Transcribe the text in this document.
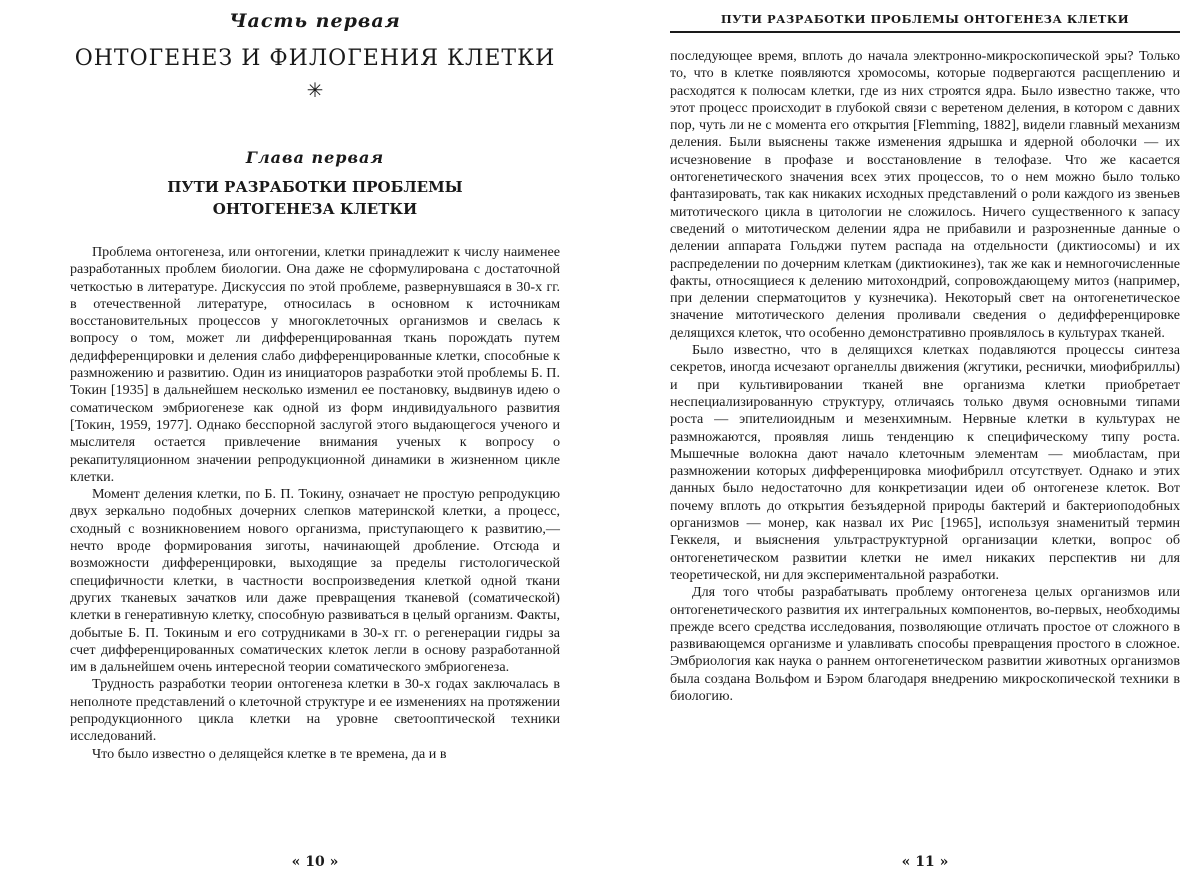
Часть первая
ОНТОГЕНЕЗ И ФИЛОГЕНИЯ КЛЕТКИ
✳
Глава первая
ПУТИ РАЗРАБОТКИ ПРОБЛЕМЫ
ОНТОГЕНЕЗА КЛЕТКИ

Проблема онтогенеза, или онтогении, клетки принадлежит к числу наименее разработанных проблем биологии. Она даже не сформулирована с достаточной четкостью в литературе. Дискуссия по этой проблеме, развернувшаяся в 30-х гг. в отечественной литературе, относилась в основном к источникам восстановительных процессов у многоклеточных организмов и свелась к вопросу о том, может ли дифференцированная ткань порождать путем дедифференцировки и деления слабо дифференцированные клетки, способные к размножению и развитию. Один из инициаторов разработки этой проблемы Б. П. Токин [1935] в дальнейшем несколько изменил ее постановку, выдвинув идею о соматическом эмбриогенезе как одной из форм индивидуального развития [Токин, 1959, 1977]. Однако бесспорной заслугой этого выдающегося ученого и мыслителя остается привлечение внимания ученых к вопросу о рекапитуляционном значении репродукционной динамики в жизненном цикле клетки.

Момент деления клетки, по Б. П. Токину, означает не простую репродукцию двух зеркально подобных дочерних слепков материнской клетки, а процесс, сходный с возникновением нового организма, приступающего к развитию,— нечто вроде формирования зиготы, начинающей дробление. Отсюда и возможности дифференцировки, выходящие за пределы гистологической специфичности клетки, в частности воспроизведения клеткой одной ткани других тканевых зачатков или даже превращения тканевой (соматической) клетки в генеративную клетку, способную развиваться в целый организм. Факты, добытые Б. П. Токиным и его сотрудниками в 30-х гг. о регенерации гидры за счет дифференцированных соматических клеток легли в основу разработанной им в дальнейшем очень интересной теории соматического эмбриогенеза.

Трудность разработки теории онтогенеза клетки в 30-х годах заключалась в неполноте представлений о клеточной структуре и ее изменениях на протяжении репродукционного цикла клетки на уровне светооптической техники исследований.

Что было известно о делящейся клетке в те времена, да и в

« 10 »
ПУТИ РАЗРАБОТКИ ПРОБЛЕМЫ ОНТОГЕНЕЗА КЛЕТКИ

последующее время, вплоть до начала электронно-микроскопической эры? Только то, что в клетке появляются хромосомы, которые подвергаются расщеплению и расходятся к полюсам клетки, где из них строятся ядра. Было известно также, что этот процесс происходит в глубокой связи с веретеном деления, в котором с давних пор, чуть ли не с момента его открытия [Flemming, 1882], видели главный механизм деления. Были выяснены также изменения ядрышка и ядерной оболочки — их исчезновение в профазе и восстановление в телофазе. Что же касается онтогенетического значения всех этих процессов, то о нем можно было только фантазировать, так как никаких исходных представлений о роли каждого из звеньев митотического цикла в цитологии не сложилось. Ничего существенного к запасу сведений о митотическом делении ядра не прибавили и разрозненные данные о делении аппарата Гольджи путем распада на отдельности (диктиосомы) и их распределении по дочерним клеткам (диктиокинез), так же как и немногочисленные факты, относящиеся к делению митохондрий, сопровождающему митоз (например, при делении сперматоцитов у кузнечика). Некоторый свет на онтогенетическое значение митотического деления проливали сведения о дедифференцировке делящихся клеток, что особенно демонстративно проявлялось в культурах тканей.

Было известно, что в делящихся клетках подавляются процессы синтеза секретов, иногда исчезают органеллы движения (жгутики, реснички, миофибриллы) и при культивировании тканей вне организма клетки приобретает неспециализированную структуру, отличаясь только двумя основными типами роста — эпителиоидным и мезенхимным. Нервные клетки в культурах не размножаются, проявляя лишь тенденцию к специфическому типу роста. Мышечные волокна дают начало клеточным элементам — миобластам, при размножении которых дифференцировка миофибрилл отсутствует. Однако и этих данных было недостаточно для конкретизации идеи об онтогенезе клеток. Вот почему вплоть до открытия безъядерной природы бактерий и бактериоподобных организмов — монер, как назвал их Рис [1965], используя знаменитый термин Геккеля, и выяснения ультраструктурной организации клетки, вопрос об онтогенетическом развитии клетки не имел никаких перспектив ни для теоретической, ни для экспериментальной разработки.

Для того чтобы разрабатывать проблему онтогенеза целых организмов или онтогенетического развития их интегральных компонентов, во-первых, необходимы прежде всего средства исследования, позволяющие отличать простое от сложного в развивающемся организме и улавливать способы превращения простого в сложное. Эмбриология как наука о раннем онтогенетическом развитии животных организмов была создана Вольфом и Бэром благодаря внедрению микроскопической техники в биологию.

« 11 »
